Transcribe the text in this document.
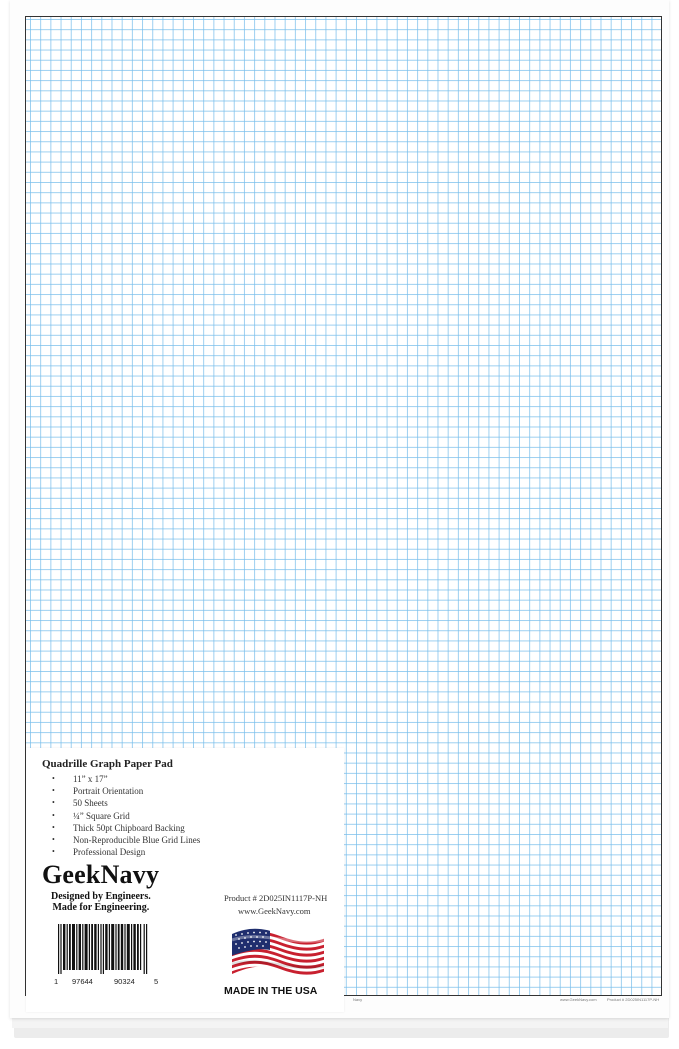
Navy	www.GeekNavy.com	Product # 2D025IN1117P-NH
Quadrille Graph Paper Pad
• 11” x 17”
• Portrait Orientation
• 50 Sheets
• ¼” Square Grid
• Thick 50pt Chipboard Backing
• Non-Reproducible Blue Grid Lines
• Professional Design
GeekNavy
Designed by Engineers.
Made for Engineering.
Product # 2D025IN1117P-NH
www.GeekNavy.com
1 97644	90324	5
MADE IN THE USA
